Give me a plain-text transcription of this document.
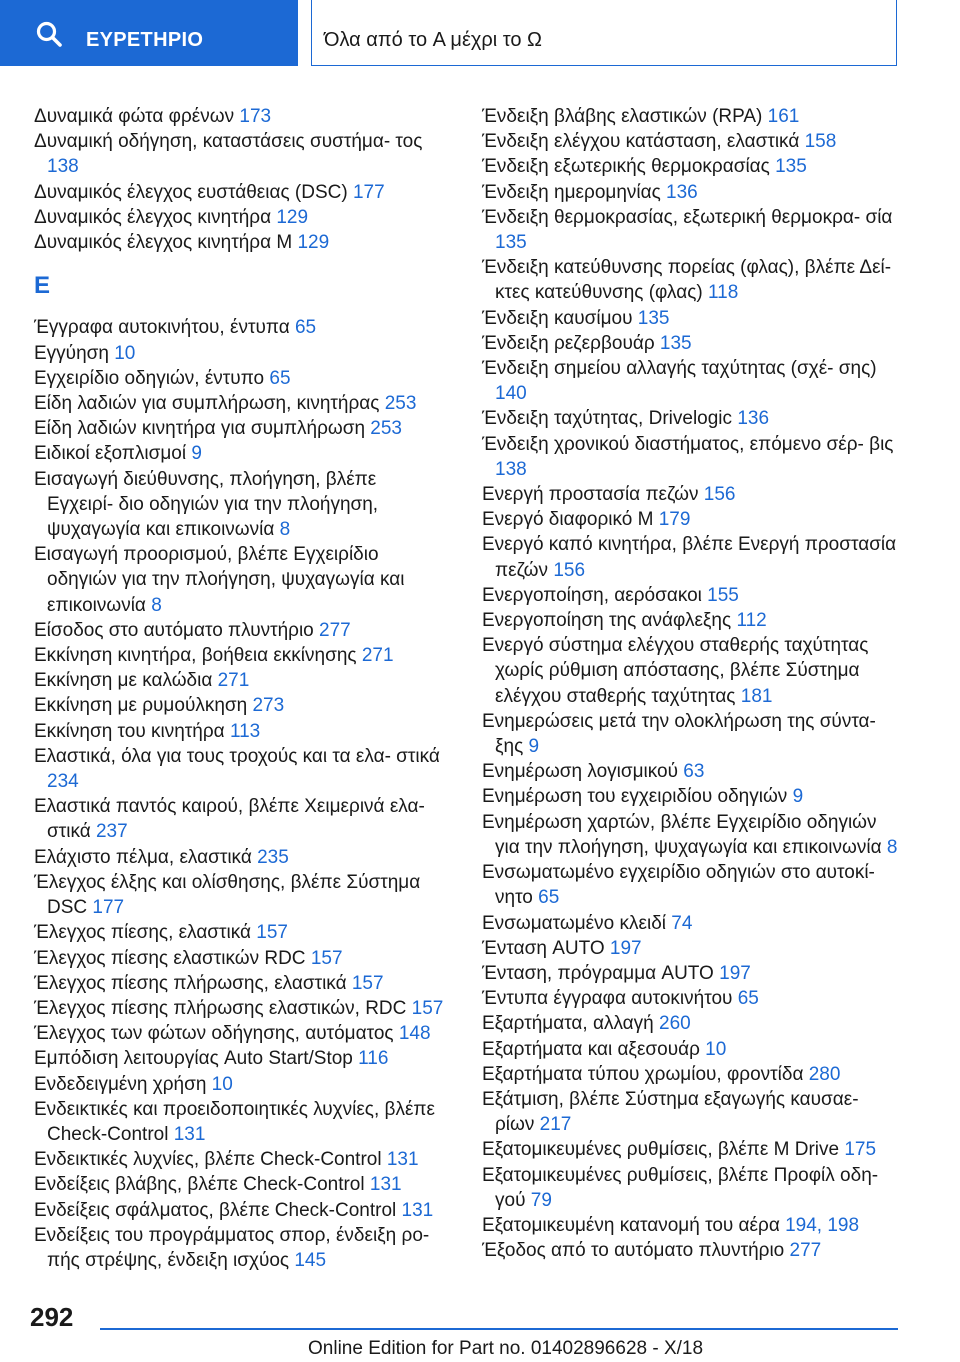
ΕΥΡΕΤΗΡΙΟ	Όλα από το A μέχρι το Ω
Δυναμικά φώτα φρένων 173
Δυναμική οδήγηση, καταστάσεις συστήμα‐ τος 138
Δυναμικός έλεγχος ευστάθειας (DSC) 177
Δυναμικός έλεγχος κινητήρα 129
Δυναμικός έλεγχος κινητήρα M 129
Ε
Έγγραφα αυτοκινήτου, έντυπα 65
Εγγύηση 10
Εγχειρίδιο οδηγιών, έντυπο 65
Είδη λαδιών για συμπλήρωση, κινητήρας 253
Είδη λαδιών κινητήρα για συμπλήρωση 253
Ειδικοί εξοπλισμοί 9
Εισαγωγή διεύθυνσης, πλοήγηση, βλέπε Εγχειρί‐ διο οδηγιών για την πλοήγηση, ψυχαγωγία και επικοινωνία 8
Εισαγωγή προορισμού, βλέπε Εγχειρίδιο οδηγιών για την πλοήγηση, ψυχαγωγία και επικοινωνία 8
Είσοδος στο αυτόματο πλυντήριο 277
Εκκίνηση κινητήρα, βοήθεια εκκίνησης 271
Εκκίνηση με καλώδια 271
Εκκίνηση με ρυμούλκηση 273
Εκκίνηση του κινητήρα 113
Ελαστικά, όλα για τους τροχούς και τα ελα‐ στικά 234
Ελαστικά παντός καιρού, βλέπε Χειμερινά ελα‐ στικά 237
Ελάχιστο πέλμα, ελαστικά 235
Έλεγχος έλξης και ολίσθησης, βλέπε Σύστημα DSC 177
Έλεγχος πίεσης, ελαστικά 157
Έλεγχος πίεσης ελαστικών RDC 157
Έλεγχος πίεσης πλήρωσης, ελαστικά 157
Έλεγχος πίεσης πλήρωσης ελαστικών, RDC 157
Έλεγχος των φώτων οδήγησης, αυτόματος 148
Εμπόδιση λειτουργίας Auto Start/Stop 116
Ενδεδειγμένη χρήση 10
Ενδεικτικές και προειδοποιητικές λυχνίες, βλέπε Check-Control 131
Ενδεικτικές λυχνίες, βλέπε Check-Control 131
Ενδείξεις βλάβης, βλέπε Check-Control 131
Ενδείξεις σφάλματος, βλέπε Check-Control 131
Ενδείξεις του προγράμματος σπορ, ένδειξη ρο‐ πής στρέψης, ένδειξη ισχύος 145
Ένδειξη βλάβης ελαστικών (RPA) 161
Ένδειξη ελέγχου κατάσταση, ελαστικά 158
Ένδειξη εξωτερικής θερμοκρασίας 135
Ένδειξη ημερομηνίας 136
Ένδειξη θερμοκρασίας, εξωτερική θερμοκρα‐ σία 135
Ένδειξη κατεύθυνσης πορείας (φλας), βλέπε Δεί‐ κτες κατεύθυνσης (φλας) 118
Ένδειξη καυσίμου 135
Ένδειξη ρεζερβουάρ 135
Ένδειξη σημείου αλλαγής ταχύτητας (σχέ‐ σης) 140
Ένδειξη ταχύτητας, Drivelogic 136
Ένδειξη χρονικού διαστήματος, επόμενο σέρ‐ βις 138
Ενεργή προστασία πεζών 156
Ενεργό διαφορικό M 179
Ενεργό καπό κινητήρα, βλέπε Ενεργή προστασία πεζών 156
Ενεργοποίηση, αερόσακοι 155
Ενεργοποίηση της ανάφλεξης 112
Ενεργό σύστημα ελέγχου σταθερής ταχύτητας χωρίς ρύθμιση απόστασης, βλέπε Σύστημα ελέγχου σταθερής ταχύτητας 181
Ενημερώσεις μετά την ολοκλήρωση της σύντα‐ ξης 9
Ενημέρωση λογισμικού 63
Ενημέρωση του εγχειριδίου οδηγιών 9
Ενημέρωση χαρτών, βλέπε Εγχειρίδιο οδηγιών για την πλοήγηση, ψυχαγωγία και επικοινωνία 8
Ενσωματωμένο εγχειρίδιο οδηγιών στο αυτοκί‐ νητο 65
Ενσωματωμένο κλειδί 74
Ένταση AUTO 197
Ένταση, πρόγραμμα AUTO 197
Έντυπα έγγραφα αυτοκινήτου 65
Εξαρτήματα, αλλαγή 260
Εξαρτήματα και αξεσουάρ 10
Εξαρτήματα τύπου χρωμίου, φροντίδα 280
Εξάτμιση, βλέπε Σύστημα εξαγωγής καυσαε‐ ρίων 217
Εξατομικευμένες ρυθμίσεις, βλέπε M Drive 175
Εξατομικευμένες ρυθμίσεις, βλέπε Προφίλ οδη‐ γού 79
Εξατομικευμένη κατανομή του αέρα 194, 198
Έξοδος από το αυτόματο πλυντήριο 277
292
Online Edition for Part no. 01402896628 - X/18
